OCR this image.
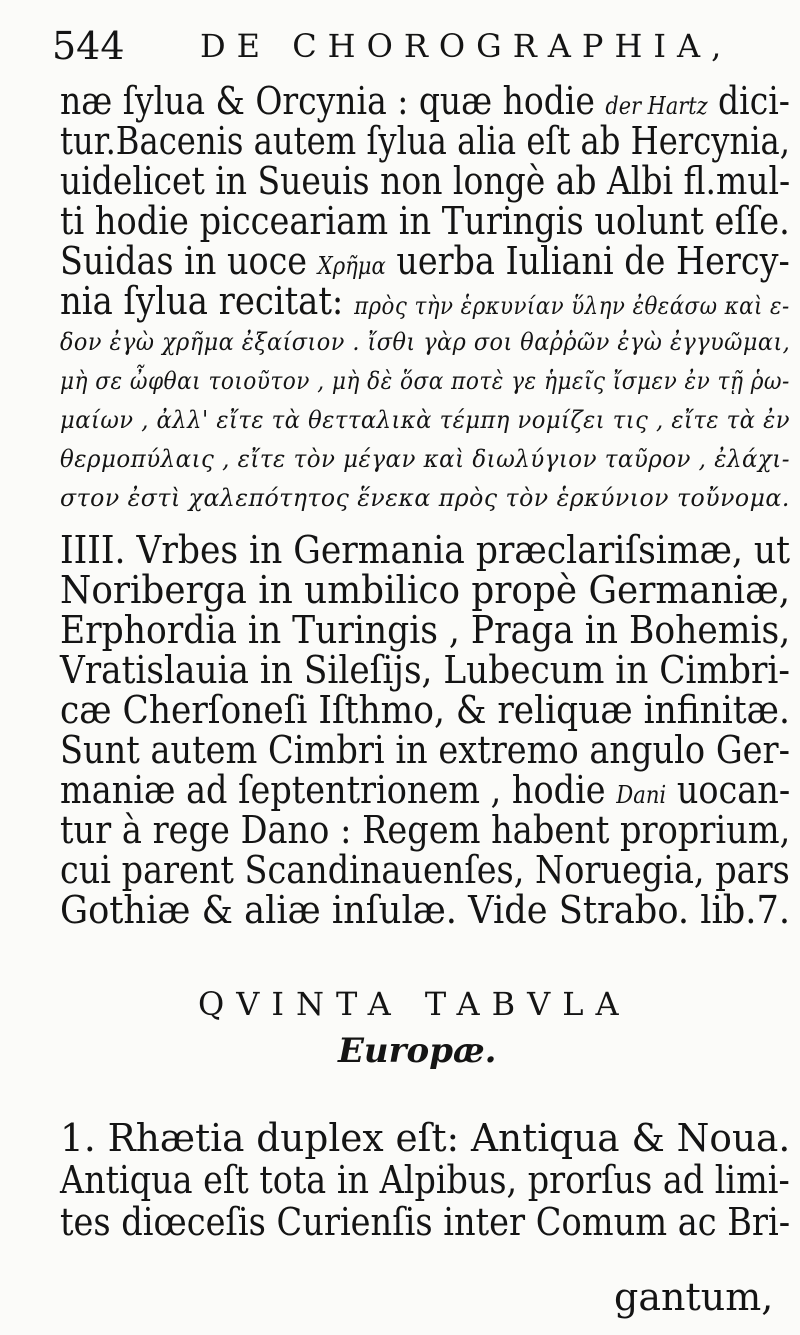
544 DE CHOROGRAPHIA,
næ ſylua & Orcynia : quæ hodie der Hartz dici-
tur.Bacenis autem ſylua alia eſt ab Hercynia,
uidelicet in Sueuis non longè ab Albi fl.mul-
ti hodie picceariam in Turingis uolunt eſſe.
Suidas in uoce Χρῆμα uerba Iuliani de Hercy-
nia ſylua recitat: πρὸς τὴν ἑρκυνίαν ὕλην ἐθεάσω καὶ ε-
δον ἐγὼ χρῆμα ἐξαίσιον . ἴσθι γὰρ σοι θαῤῥῶν ἐγὼ ἐγγυῶμαι,
μὴ σε ὦφθαι τοιοῦτον , μὴ δὲ ὅσα ποτὲ γε ἡμεῖς ἴσμεν ἐν τῇ ῥω-
μαίων , ἀλλ' εἴτε τὰ θετταλικὰ τέμπη νομίζει τις , εἴτε τὰ ἐν
θερμοπύλαις , εἴτε τὸν μέγαν καὶ διωλύγιον ταῦρον , ἐλάχι-
στον ἐστὶ χαλεπότητος ἕνεκα πρὸς τὸν ἑρκύνιον τοὔνομα.
IIII. Vrbes in Germania præclariſsimæ, ut
Noriberga in umbilico propè Germaniæ,
Erphordia in Turingis , Praga in Bohemis,
Vratislauia in Sileſijs, Lubecum in Cimbri-
cæ Cherſoneſi Iſthmo, & reliquæ infinitæ.
Sunt autem Cimbri in extremo angulo Ger-
maniæ ad ſeptentrionem , hodie Dani uocan-
tur à rege Dano : Regem habent proprium,
cui parent Scandinauenſes, Noruegia, pars
Gothiæ & aliæ inſulæ. Vide Strabo. lib.7.
QVINTA TABVLA
Europæ.
1. Rhætia duplex eſt: Antiqua & Noua.
Antiqua eſt tota in Alpibus, prorſus ad limi-
tes diœceſis Curienſis inter Comum ac Bri-
gantum,
